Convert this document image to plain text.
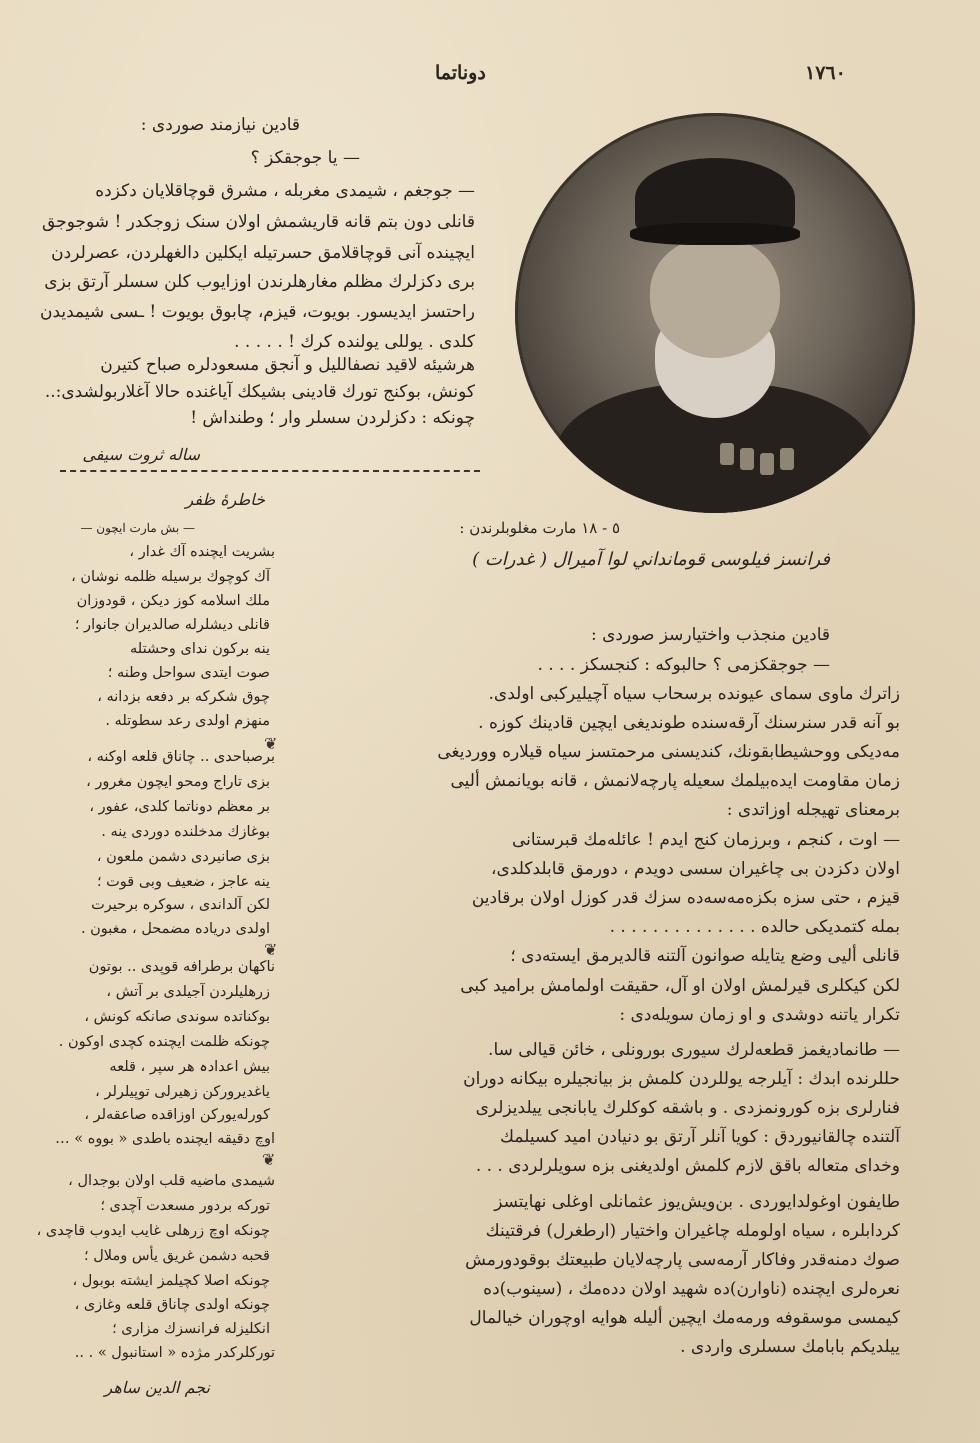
١٧٦٠
دوناتما
قادين نیازمند صوردی :
— یا جوجقکز ؟
— جوجغم ، شیمدی مغربله ، مشرق قوچاقلایان دکزده
قانلی دون بتم قانه قاریشمش اولان سنک زوجکدر ! شوجوجق
ایچینده آنی قوچاقلامق حسرتیله ایکلین دالغهلردن، عصرلردن
بری دکزلرك مظلم مغارهلرندن اوزایوب کلن سسلر آرتق بزی
راحتسز ایدیسور. بویوت، قیزم، چابوق بویوت ! ـسی شیمدیدن
کلدی . یوللی یولنده کرك ! . . . . .
هرشیئه لاقید نصفاللیل و آنجق مسعودلره صباح کتیرن
کونش، بوکنج تورك قادینی بشیكك آیاغنده حالا آغلاربولشدی:..
چونکه : دکزلردن سسلر وار ؛ وطنداش !
ساله ثروت سیفی
خاطرهٔ ظفر
— بش مارت ایچون —
بشریت ایچنده آك غدار ،
آك کوچوك برسیله ظلمه نوشان ،
ملك اسلامه کوز دیکن ، قودوزان
قانلی دیشلرله صالدیران جانوار ؛
ینه برکون ندای وحشتله
صوت ایتدی سواحل وطنه ؛
چوق شکرکه بر دفعه بزدانه ،
منهزم اولدی رعد سطوتله .
❦
برصباحدی .. چاناق قلعه اوکنه ،
بزی تاراج ومحو ایچون مغرور ،
بر معظم دوناتما کلدی، عفور ،
بوغازك مدخلنده دوردی ینه .
بزی صانیردی دشمن ملعون ،
ینه عاجز ، ضعیف وبی قوت ؛
لکن آلداندی ، سوکره برحیرت
اولدی دریاده مضمحل ، مغبون .
❦
ناکهان برطرافه قوپدی .. بوتون
زرهلیلردن آجیلدی بر آتش ،
بوکناتده سوندی صانکه کونش ،
چونکه ظلمت ایچنده کچدی اوکون .
بیش اعدادہ هر سپر ، قلعه
یاغدیروركن زهیرلی توپیلرلر ،
کورلەیوركن اوزاقده صاعقەلر ،
اوچ دقیقه ایچنده باطدی « بووه » …
❦
شیمدی ماضیه قلب اولان بوجدال ،
تورکه بردور مسعدت آچدی ؛
چونکه اوچ زرهلی غایب ایدوب قاچدی ،
قحبه دشمن غریق یأس وملال ؛
چونکه اصلا کچیلمز ایشته بوبول ،
چونکه اولدی چاناق قلعه وغازی ،
انکلیزله فرانسزك مزاری ؛
تورکلرکدر مژده « استانبول » . ..
نجم الدین ساهر
٥ - ١٨ مارت مغلوبلرندن :
فرانسز فیلوسی قومانداني لوا آمیرال ( غدرات )
قادین منجذب واختیارسز صوردی :
— جوجقکزمی ؟ حالبوکه : کنجسکز . . . .
زاترك ماوی سمای عیونده برسحاب سیاه آچیلیرکبی اولدی.
بو آنه قدر سنرسنك آرقەسنده طوندیغی ایچین قادینك کوزه .
مەدیکی ووحشیطابقونك، کندیسنی مرحمتسز سیاه قیلاره ووردیغی
زمان مقاومت ایدەبیلمك سعیله پارچەلانمش ، قانه بویانمش ألیی
برمعنای تهیجله اوزاتدی :
— اوت ، کنجم ، وبرزمان کنج ایدم ! عائلەمك قبرستانی
اولان دکزدن بی چاغیران سسی دویدم ، دورمق قابلدکلدی،
قیزم ، حتی سزه بکزەمەسەده سزك قدر کوزل اولان برقادین
بمله کتمدیکی حالده . . . . . . . . . . . . . .
قانلی ألیی وضع یتایله صوانون آلتنه قالدیرمق ایستەدی ؛
لکن کیکلری قیرلمش اولان او آل، حقیقت اولمامش برامید کبی
تکرار یاتنه دوشدی و او زمان سویلەدی :
— طانمادیغمز قطعەلرك سیوری بورونلی ، خائن قیالی سا.
حللرنده ابدك : آیلرجه یوللردن کلمش بز بیانجیلره بیکانه دوران
فنارلری بزه کورونمزدی . و باشقه کوکلرك یابانجی ییلدیزلری
آلتنده چالقانیوردق : کویا آنلر آرتق بو دنیادن امید کسیلمك
وخدای متعاله باقق لازم کلمش اولدیغنی بزه سویلرلردی . . .
طایفون اوغولدایوردی . بن‌ویش‌یوز عثمانلی اوغلی نهایتسز
کردابلره ، سیاه اولومله چاغیران واختیار (ارطغرل) فرقتینك
صوك دمنەقدر وفاکار آرمەسی پارچەلایان طبیعتك بوقودورمش
نعرەلری ایچنده (ناوارن)ده شهید اولان ددەمك ، (سینوب)ده
کیمسی موسقوفه ورمەمك ایچین ألیله هوایه اوچوران خیالمال
ییلدیکم بابامك سسلری واردی .
